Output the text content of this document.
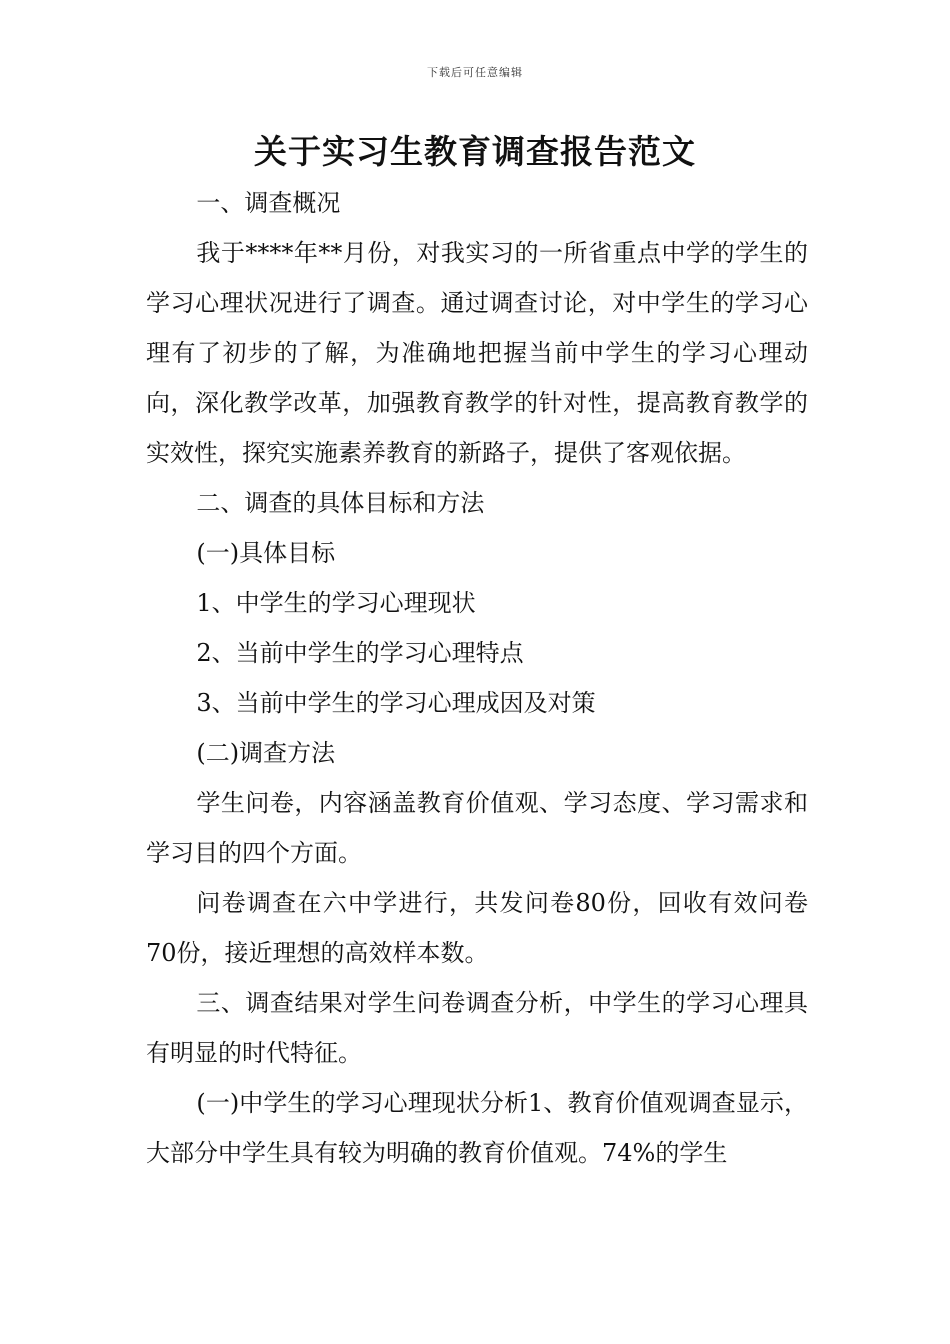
下载后可任意编辑
关于实习生教育调查报告范文

一、调查概况

我于****年**月份，对我实习的一所省重点中学的学生的学习心理状况进行了调查。通过调查讨论，对中学生的学习心理有了初步的了解，为准确地把握当前中学生的学习心理动向，深化教学改革，加强教育教学的针对性，提高教育教学的实效性，探究实施素养教育的新路子，提供了客观依据。

二、调查的具体目标和方法

(一)具体目标

1、中学生的学习心理现状

2、当前中学生的学习心理特点

3、当前中学生的学习心理成因及对策

(二)调查方法

学生问卷，内容涵盖教育价值观、学习态度、学习需求和学习目的四个方面。

问卷调查在六中学进行，共发问卷80份，回收有效问卷70份，接近理想的高效样本数。

三、调查结果对学生问卷调查分析，中学生的学习心理具有明显的时代特征。

(一)中学生的学习心理现状分析1、教育价值观调查显示，大部分中学生具有较为明确的教育价值观。74%的学生
